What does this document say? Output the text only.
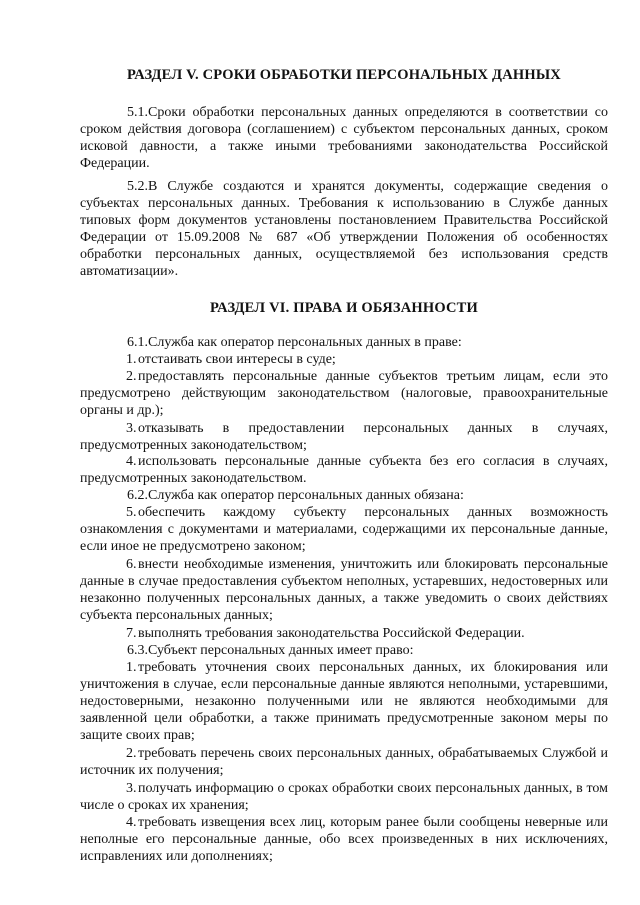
РАЗДЕЛ V. СРОКИ ОБРАБОТКИ ПЕРСОНАЛЬНЫХ ДАННЫХ
5.1.Сроки обработки персональных данных определяются в соответствии со сроком действия договора (соглашением) с субъектом персональных данных, сроком исковой давности, а также иными требованиями законодательства Российской Федерации.
5.2.В Службе создаются и хранятся документы, содержащие сведения о субъектах персональных данных. Требования к использованию в Службе данных типовых форм документов установлены постановлением Правительства Российской Федерации от 15.09.2008 № 687 «Об утверждении Положения об особенностях обработки персональных данных, осуществляемой без использования средств автоматизации».
РАЗДЕЛ VI. ПРАВА И ОБЯЗАННОСТИ
6.1.Служба как оператор персональных данных в праве:
1. отстаивать свои интересы в суде;
2. предоставлять персональные данные субъектов третьим лицам, если это предусмотрено действующим законодательством (налоговые, правоохранительные органы и др.);
3. отказывать в предоставлении персональных данных в случаях, предусмотренных законодательством;
4. использовать персональные данные субъекта без его согласия в случаях, предусмотренных законодательством.
6.2.Служба как оператор персональных данных обязана:
5. обеспечить каждому субъекту персональных данных возможность ознакомления с документами и материалами, содержащими их персональные данные, если иное не предусмотрено законом;
6. внести необходимые изменения, уничтожить или блокировать персональные данные в случае предоставления субъектом неполных, устаревших, недостоверных или незаконно полученных персональных данных, а также уведомить о своих действиях субъекта персональных данных;
7. выполнять требования законодательства Российской Федерации.
6.3.Субъект персональных данных имеет право:
1. требовать уточнения своих персональных данных, их блокирования или уничтожения в случае, если персональные данные являются неполными, устаревшими, недостоверными, незаконно полученными или не являются необходимыми для заявленной цели обработки, а также принимать предусмотренные законом меры по защите своих прав;
2. требовать перечень своих персональных данных, обрабатываемых Службой и источник их получения;
3. получать информацию о сроках обработки своих персональных данных, в том числе о сроках их хранения;
4. требовать извещения всех лиц, которым ранее были сообщены неверные или неполные его персональные данные, обо всех произведенных в них исключениях, исправлениях или дополнениях;
